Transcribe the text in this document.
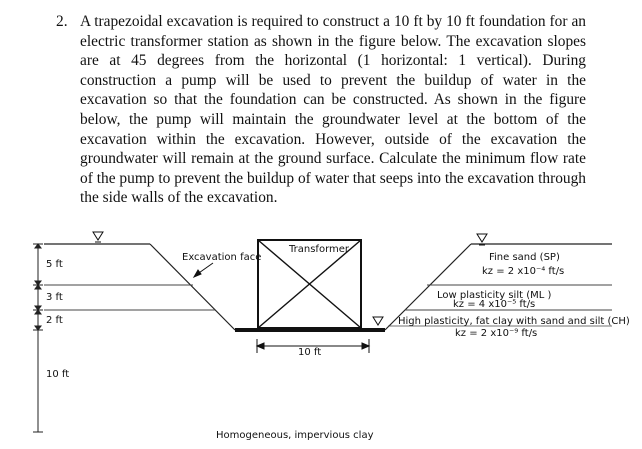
2. A trapezoidal excavation is required to construct a 10 ft by 10 ft foundation for an electric transformer station as shown in the figure below. The excavation slopes are at 45 degrees from the horizontal (1 horizontal: 1 vertical). During construction a pump will be used to prevent the buildup of water in the excavation so that the foundation can be constructed. As shown in the figure below, the pump will maintain the groundwater level at the bottom of the excavation within the excavation. However, outside of the excavation the groundwater will remain at the ground surface. Calculate the minimum flow rate of the pump to prevent the buildup of water that seeps into the excavation through the side walls of the excavation.
5 ft
3 ft
2 ft
10 ft
Excavation face
Transformer
10 ft
Homogeneous, impervious clay
Fine sand (SP)
kz = 2 x10⁻⁴ ft/s
Low plasticity silt (ML )
kz = 4 x10⁻⁵ ft/s
High plasticity, fat clay with sand and silt (CH)
kz = 2 x10⁻⁹ ft/s
